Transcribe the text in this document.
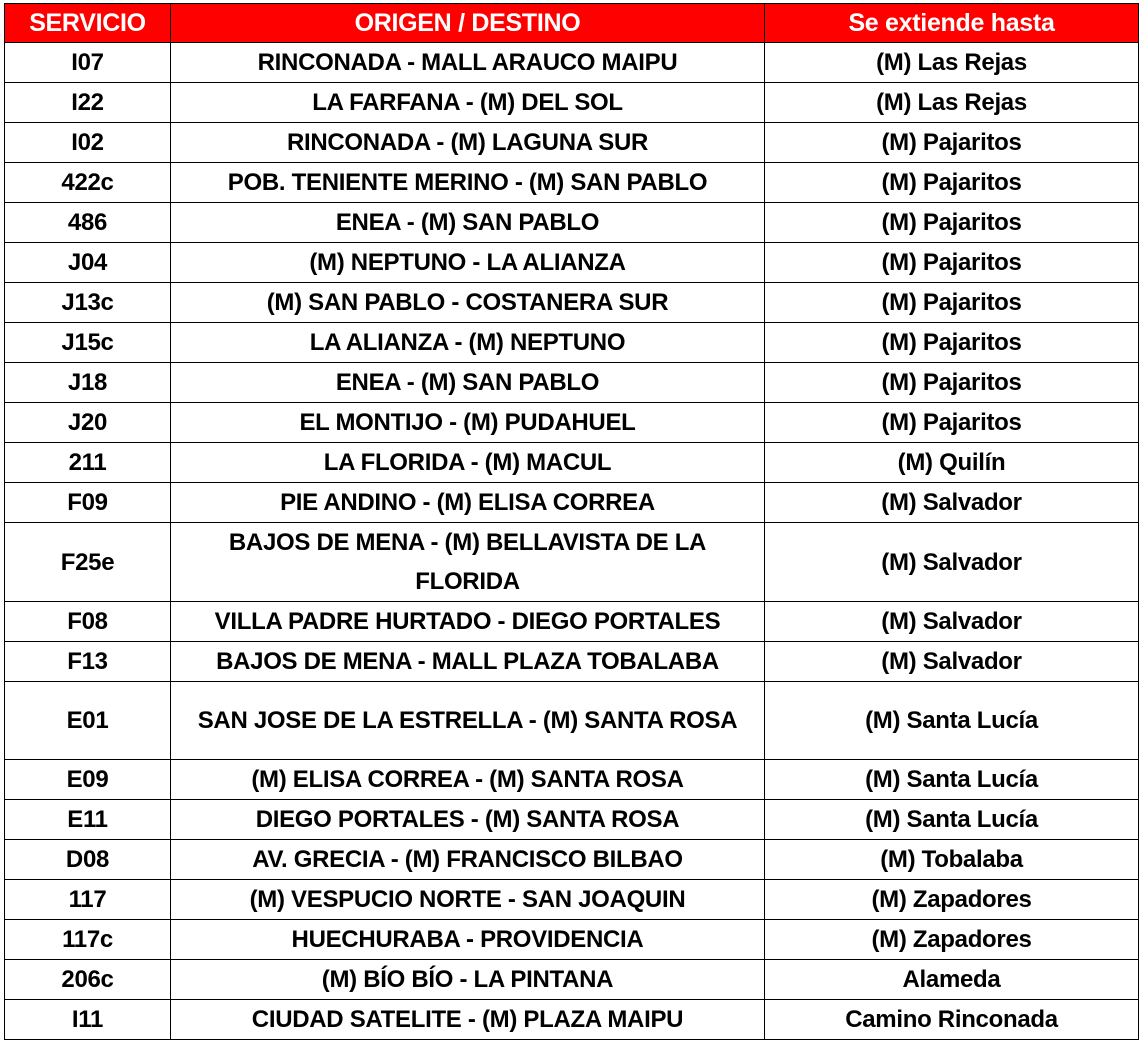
SERVICIO	ORIGEN / DESTINO	Se extiende hasta
I07	RINCONADA - MALL ARAUCO MAIPU	(M) Las Rejas
I22	LA FARFANA - (M) DEL SOL	(M) Las Rejas
I02	RINCONADA - (M) LAGUNA SUR	(M) Pajaritos
422c	POB. TENIENTE MERINO - (M) SAN PABLO	(M) Pajaritos
486	ENEA - (M) SAN PABLO	(M) Pajaritos
J04	(M) NEPTUNO - LA ALIANZA	(M) Pajaritos
J13c	(M) SAN PABLO - COSTANERA SUR	(M) Pajaritos
J15c	LA ALIANZA - (M) NEPTUNO	(M) Pajaritos
J18	ENEA - (M) SAN PABLO	(M) Pajaritos
J20	EL MONTIJO - (M) PUDAHUEL	(M) Pajaritos
211	LA FLORIDA - (M) MACUL	(M) Quilín
F09	PIE ANDINO - (M) ELISA CORREA	(M) Salvador
F25e	BAJOS DE MENA - (M) BELLAVISTA DE LA FLORIDA	(M) Salvador
F08	VILLA PADRE HURTADO - DIEGO PORTALES	(M) Salvador
F13	BAJOS DE MENA - MALL PLAZA TOBALABA	(M) Salvador
E01	SAN JOSE DE LA ESTRELLA - (M) SANTA ROSA	(M) Santa Lucía
E09	(M) ELISA CORREA - (M) SANTA ROSA	(M) Santa Lucía
E11	DIEGO PORTALES - (M) SANTA ROSA	(M) Santa Lucía
D08	AV. GRECIA - (M) FRANCISCO BILBAO	(M) Tobalaba
117	(M) VESPUCIO NORTE - SAN JOAQUIN	(M) Zapadores
117c	HUECHURABA - PROVIDENCIA	(M) Zapadores
206c	(M) BÍO BÍO - LA PINTANA	Alameda
I11	CIUDAD SATELITE - (M) PLAZA MAIPU	Camino Rinconada
